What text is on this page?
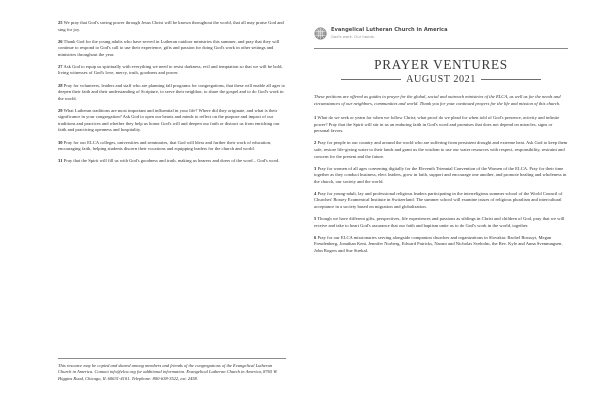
25 We pray that God's saving power through Jesus Christ will be known throughout the world, that all may praise God and sing for joy.

26 Thank God for the young adults who have served in Lutheran outdoor ministries this summer, and pray that they will continue to respond to God's call to use their experience, gifts and passion for doing God's work in other settings and ministries throughout the year.

27 Ask God to equip us spiritually with everything we need to resist darkness, evil and temptation so that we will be bold, living witnesses of God's love, mercy, truth, goodness and power.

28 Pray for volunteers, leaders and staff who are planning fall programs for congregations, that these will enable all ages to deepen their faith and their understanding of Scripture, to serve their neighbor, to share the gospel and to do God's work in the world.

29 What Lutheran traditions are most important and influential in your life? Where did they originate, and what is their significance in your congregation? Ask God to open our hearts and minds to reflect on the purpose and impact of our traditions and practices and whether they help us honor God's will and deepen our faith or distract us from enriching our faith and practicing openness and hospitality.

30 Pray for our ELCA colleges, universities and seminaries, that God will bless and further their work of education, encouraging faith, helping students discern their vocations and equipping leaders for the church and world.

31 Pray that the Spirit will fill us with God's goodness and truth, making us hearers and doers of the word – God's word.

This resource may be copied and shared among members and friends of the congregations of the Evangelical Lutheran Church in America. Contact info@elca.org for additional information. Evangelical Lutheran Church in America, 8765 W. Higgins Road, Chicago, IL 60631-4101. Telephone: 800-638-3522, ext. 2458.

Evangelical Lutheran Church in America

God's work. Our hands.

PRAYER VENTURES
AUGUST 2021

These petitions are offered as guides to prayer for the global, social and outreach ministries of the ELCA, as well as for the needs and circumstances of our neighbors, communities and world. Thank you for your continued prayers for the life and mission of this church.

1 What do we seek or yearn for when we follow Christ; what proof do we plead for when told of God's presence, activity and infinite power? Pray that the Spirit will stir in us an enduring faith in God's word and promises that does not depend on miracles, signs or personal favors.

2 Pray for people in our country and around the world who are suffering from persistent drought and extreme heat. Ask God to keep them safe, restore life-giving water to their lands and grant us the wisdom to use our water resources with respect, responsibility, restraint and concern for the present and the future.

3 Pray for women of all ages convening digitally for the Eleventh Triennial Convention of the Women of the ELCA. Pray for their time together as they conduct business, elect leaders, grow in faith, support and encourage one another, and promote healing and wholeness in the church, our society and the world.

4 Pray for young-adult, lay and professional religious leaders participating in the interreligious summer school of the World Council of Churches' Bossey Ecumenical Institute in Switzerland. The summer school will examine issues of religious pluralism and intercultural acceptance in a society based on migration and globalization.

5 Though we have different gifts, perspectives, life experiences and passions as siblings in Christ and children of God, pray that we will receive and take to heart God's assurance that our faith and baptism unite us to do God's work in the world, together.

6 Pray for our ELCA missionaries serving alongside companion churches and organizations in Slovakia: Rachel Bossuyt, Megan Freudenberg, Jonathan Kent, Jennifer Norberg, Edward Patricks, Naomi and Nicholas Sveholm, the Rev. Kyle and Anna Svennungsen, John Rogers and Sue Strekal.
